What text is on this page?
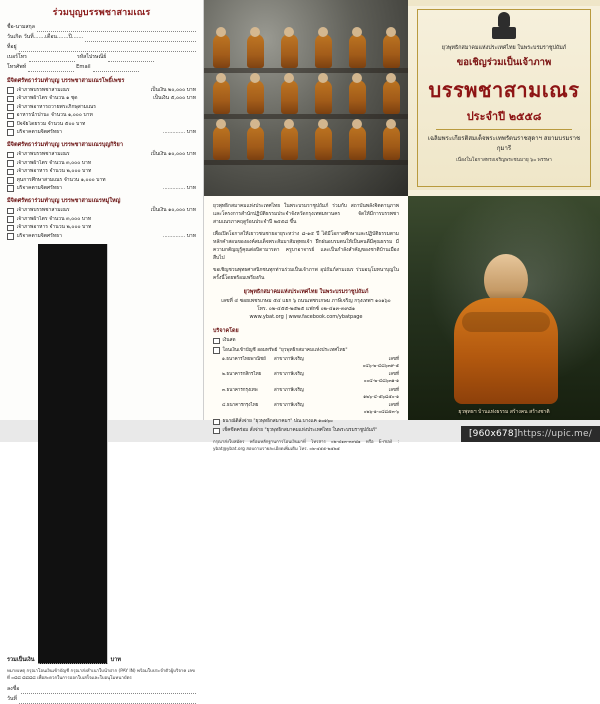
ร่วมบุญบรรพชาสามเณร
ชื่อ-นามสกุล
วันเกิด วันที่.......เดือน.......ปี.......
ที่อยู่
เบอร์โทร	รหัสไปรษณีย์
โทรศัพท์	Email
มีจิตศรัทธาร่วมทำบุญ บรรพชาสามเณรโพธิ์เพชร
เจ้าภาพบรรพชาสามเณร	เป็นเงิน ๒๐,๐๐๐ บาท
เจ้าภาพผ้าไตร จำนวน ๑ ชุด	เป็นเงิน ๕,๐๐๐ บาท
เจ้าภาพอาหารถวายพระภิกษุสามเณร
อาหารน้ำปานะ จำนวน ๑,๐๐๐ บาท
ปัจจัยโดยรวม จำนวน ๕๐๐ บาท
บริจาคตามจิตศรัทธา	.............. บาท
มีจิตศรัทธาร่วมทำบุญ บรรพชาสามเณรบุญกิริยา
เจ้าภาพบรรพชาสามเณร	เป็นเงิน ๑๐,๐๐๐ บาท
เจ้าภาพผ้าไตร จำนวน ๓,๐๐๐ บาท
เจ้าภาพอาหาร จำนวน ๒,๐๐๐ บาท
ทุนการศึกษาสามเณร จำนวน ๑,๐๐๐ บาท
บริจาคตามจิตศรัทธา	.............. บาท
มีจิตศรัทธาร่วมทำบุญ บรรพชาสามเณรหมู่ใหญ่
เจ้าภาพบรรพชาสามเณร	เป็นเงิน ๑๐,๐๐๐ บาท
เจ้าภาพผ้าไตร จำนวน ๓,๐๐๐ บาท
เจ้าภาพอาหาร จำนวน ๒,๐๐๐ บาท
บริจาคตามจิตศรัทธา	.............. บาท
รวมเป็นเงิน	บาท
หมายเหตุ กรุณาโอนเงินเข้าบัญชี กรุณาส่งสำเนาใบนำฝาก (PAY IN) พร้อมใบประจำตัวผู้บริจาค เลขที่ ๐๘๘ ๘๘๘๘ เพื่อสะดวกในการออกใบเสร็จและใบอนุโมทนาบัตร
ลงชื่อ
วันที่

ยุวพุทธิกสมาคมแห่งประเทศไทย ในพระบรมราชูปถัมภ์ ร่วมกับ สถาบันพลังจิตตานุภาพ และโครงการสำนักปฏิบัติธรรมประจำจังหวัดกรุงเทพมหานคร จัดให้มีการบรรพชาสามเณรภาคฤดูร้อนประจำปี ๒๕๕๘ ขึ้น

เพื่อเปิดโอกาสให้เยาวชนชายอายุระหว่าง ๘-๑๕ ปี ได้มีโอกาสศึกษาและปฏิบัติธรรมตามหลักคำสอนขององค์สมเด็จพระสัมมาสัมพุทธเจ้า ฝึกฝนอบรมตนให้เป็นคนดีมีคุณธรรม มีความกตัญญูรู้คุณต่อบิดามารดา ครูบาอาจารย์ และเป็นกำลังสำคัญของชาติบ้านเมืองสืบไป

ขอเชิญชวนพุทธศาสนิกชนทุกท่านร่วมเป็นเจ้าภาพ อุปถัมภ์สามเณร ร่วมอนุโมทนาบุญในครั้งนี้โดยพร้อมเพรียงกัน

ยุวพุทธิกสมาคมแห่งประเทศไทย ในพระบรมราชูปถัมภ์
เลขที่ ๔ ซอยเพชรเกษม ๕๔ แยก ๖ ถนนเพชรเกษม ภาษีเจริญ กรุงเทพฯ ๑๐๑๖๐
โทร. ๐๒-๔๕๕-๒๕๒๕ แฟกซ์ ๐๒-๔๑๓-๓๙๘๑
www.ybat.org | www.facebook.com/ybatpage
บริจาคโดย
เงินสด
โอนเงินเข้าบัญชี ออมทรัพย์ "ยุวพุทธิกสมาคมแห่งประเทศไทย"
๑.ธนาคารไทยพาณิชย์	สาขาภาษีเจริญ	เลขที่ ๐๔๖-๒-๔๘๖๓๙-๕
๒.ธนาคารกสิกรไทย	สาขาภาษีเจริญ	เลขที่ ๐๐๔-๒-๔๘๖๓๑-๑
๓.ธนาคารกรุงเทพ	สาขาภาษีเจริญ	เลขที่ ๑๒๖-๔-๕๖๘๕๐-๑
๔.ธนาคารกรุงไทย	สาขาภาษีเจริญ	เลขที่ ๐๒๖-๑-๐๔๘๕๓-๖
ธนาณัติสั่งจ่าย "ยุวพุทธิกสมาคมฯ" ปณ.บางแค ๑๐๑๖๐
เช็คขีดคร่อม สั่งจ่าย "ยุวพุทธิกสมาคมแห่งประเทศไทย ในพระบรมราชูปถัมภ์"
กรุณาส่งใบสมัคร พร้อมหลักฐานการโอนเงินมาที่ โทรสาร ๐๒-๔๑๓-๓๙๘๑ หรือ E-mail : ybat@ybat.org สอบถามรายละเอียดเพิ่มเติม โทร. ๐๒-๔๕๕-๒๕๒๕
ยุวพุทธิกสมาคมแห่งประเทศไทย ในพระบรมราชูปถัมภ์
ขอเชิญร่วมเป็นเจ้าภาพ
บรรพชาสามเณร
ประจำปี ๒๕๕๘
เฉลิมพระเกียรติสมเด็จพระเทพรัตนราชสุดาฯ สยามบรมราชกุมารี
เนื่องในโอกาสทรงเจริญพระชนมายุ ๖๐ พรรษา
ยุวพุทธฯ บ้านแห่งธรรม สร้างคน สร้างชาติ
[960x678]https://upic.me/
